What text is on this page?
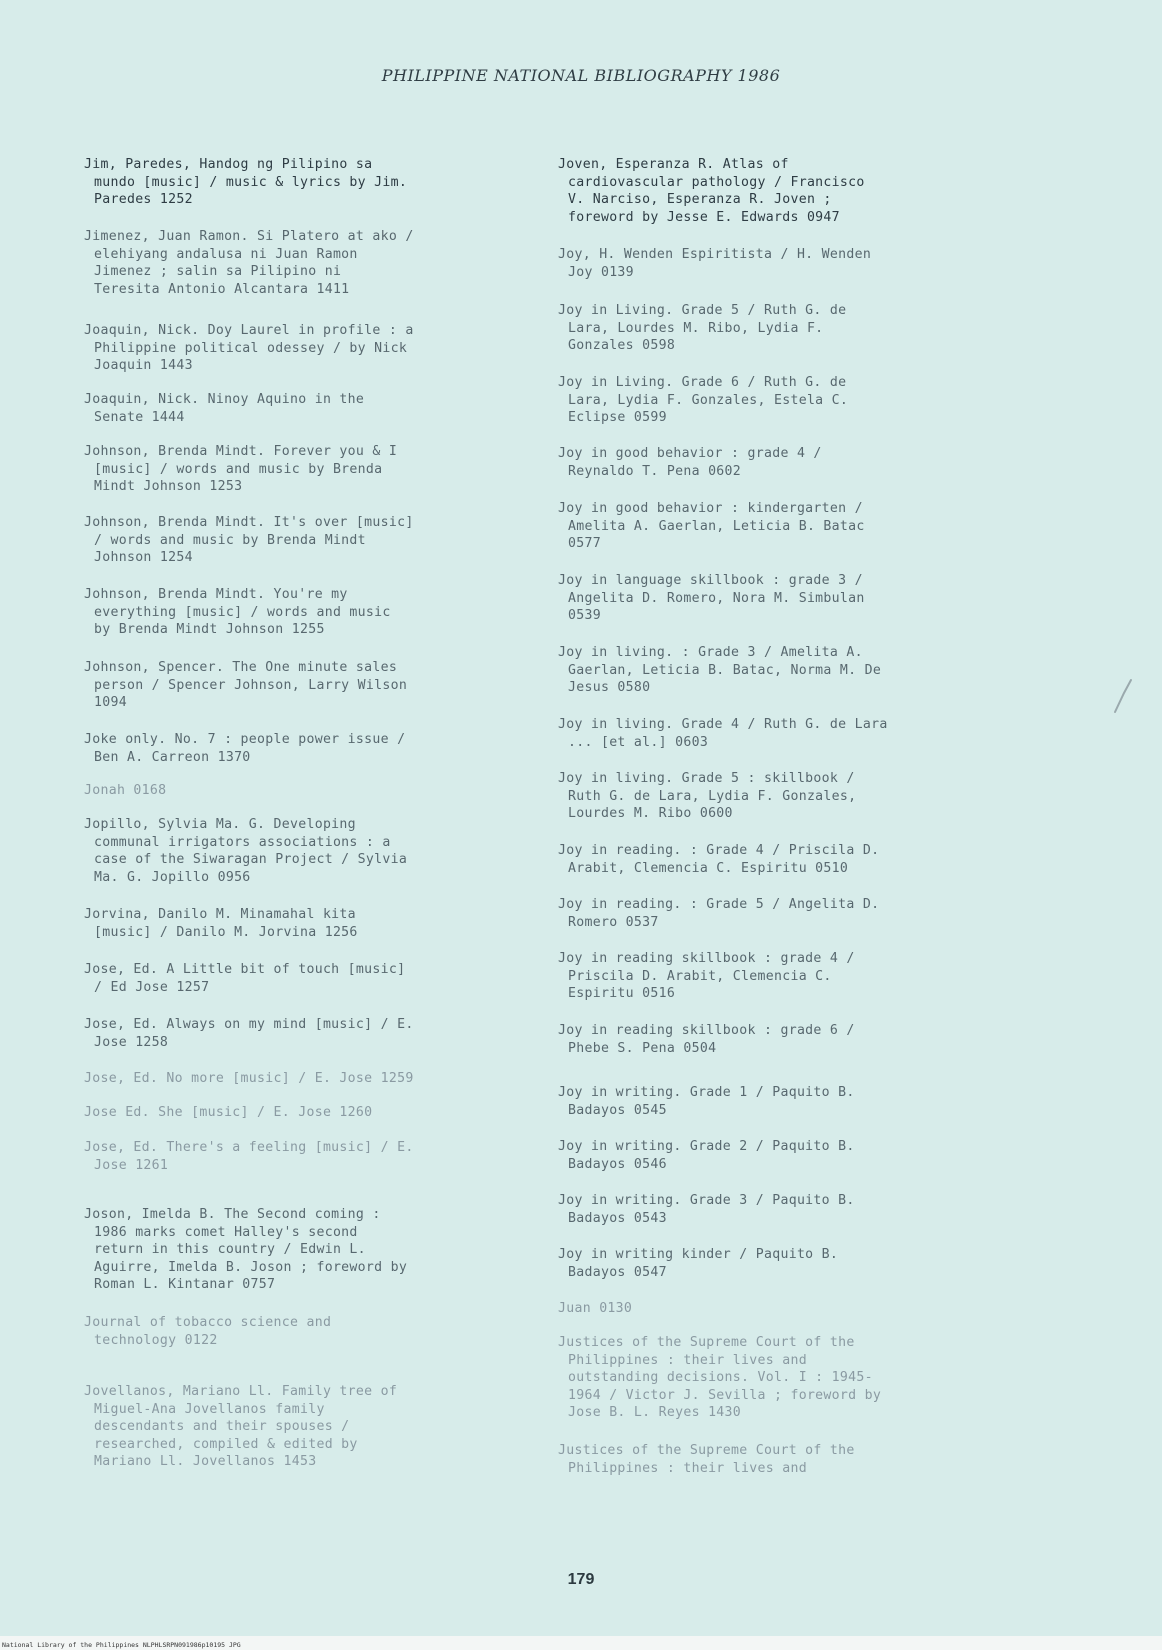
PHILIPPINE NATIONAL BIBLIOGRAPHY 1986
Jim, Paredes, Handog ng Pilipino sa
mundo [music] / music & lyrics by Jim.
Paredes 1252
Jimenez, Juan Ramon. Si Platero at ako /
elehiyang andalusa ni Juan Ramon
Jimenez ; salin sa Pilipino ni
Teresita Antonio Alcantara 1411
Joaquin, Nick. Doy Laurel in profile : a
Philippine political odessey / by Nick
Joaquin 1443
Joaquin, Nick. Ninoy Aquino in the
Senate 1444
Johnson, Brenda Mindt. Forever you & I
[music] / words and music by Brenda
Mindt Johnson 1253
Johnson, Brenda Mindt. It's over [music]
/ words and music by Brenda Mindt
Johnson 1254
Johnson, Brenda Mindt. You're my
everything [music] / words and music
by Brenda Mindt Johnson 1255
Johnson, Spencer. The One minute sales
person / Spencer Johnson, Larry Wilson
1094
Joke only. No. 7 : people power issue /
Ben A. Carreon 1370
Jonah 0168
Jopillo, Sylvia Ma. G. Developing
communal irrigators associations : a
case of the Siwaragan Project / Sylvia
Ma. G. Jopillo 0956
Jorvina, Danilo M. Minamahal kita
[music] / Danilo M. Jorvina 1256
Jose, Ed. A Little bit of touch [music]
/ Ed Jose 1257
Jose, Ed. Always on my mind [music] / E.
Jose 1258
Jose, Ed. No more [music] / E. Jose 1259
Jose Ed. She [music] / E. Jose 1260
Jose, Ed. There's a feeling [music] / E.
Jose 1261
Joson, Imelda B. The Second coming :
1986 marks comet Halley's second
return in this country / Edwin L.
Aguirre, Imelda B. Joson ; foreword by
Roman L. Kintanar 0757
Journal of tobacco science and
technology 0122
Jovellanos, Mariano Ll. Family tree of
Miguel-Ana Jovellanos family
descendants and their spouses /
researched, compiled & edited by
Mariano Ll. Jovellanos 1453
Joven, Esperanza R. Atlas of
cardiovascular pathology / Francisco
V. Narciso, Esperanza R. Joven ;
foreword by Jesse E. Edwards 0947
Joy, H. Wenden Espiritista / H. Wenden
Joy 0139
Joy in Living. Grade 5 / Ruth G. de
Lara, Lourdes M. Ribo, Lydia F.
Gonzales 0598
Joy in Living. Grade 6 / Ruth G. de
Lara, Lydia F. Gonzales, Estela C.
Eclipse 0599
Joy in good behavior : grade 4 /
Reynaldo T. Pena 0602
Joy in good behavior : kindergarten /
Amelita A. Gaerlan, Leticia B. Batac
0577
Joy in language skillbook : grade 3 /
Angelita D. Romero, Nora M. Simbulan
0539
Joy in living. : Grade 3 / Amelita A.
Gaerlan, Leticia B. Batac, Norma M. De
Jesus 0580
Joy in living. Grade 4 / Ruth G. de Lara
... [et al.] 0603
Joy in living. Grade 5 : skillbook /
Ruth G. de Lara, Lydia F. Gonzales,
Lourdes M. Ribo 0600
Joy in reading. : Grade 4 / Priscila D.
Arabit, Clemencia C. Espiritu 0510
Joy in reading. : Grade 5 / Angelita D.
Romero 0537
Joy in reading skillbook : grade 4 /
Priscila D. Arabit, Clemencia C.
Espiritu 0516
Joy in reading skillbook : grade 6 /
Phebe S. Pena 0504
Joy in writing. Grade 1 / Paquito B.
Badayos 0545
Joy in writing. Grade 2 / Paquito B.
Badayos 0546
Joy in writing. Grade 3 / Paquito B.
Badayos 0543
Joy in writing kinder / Paquito B.
Badayos 0547
Juan 0130
Justices of the Supreme Court of the
Philippines : their lives and
outstanding decisions. Vol. I : 1945-
1964 / Victor J. Sevilla ; foreword by
Jose B. L. Reyes 1430
Justices of the Supreme Court of the
Philippines : their lives and
179
National Library of the Philippines NLPHLSRPN091986p10195 JPG
